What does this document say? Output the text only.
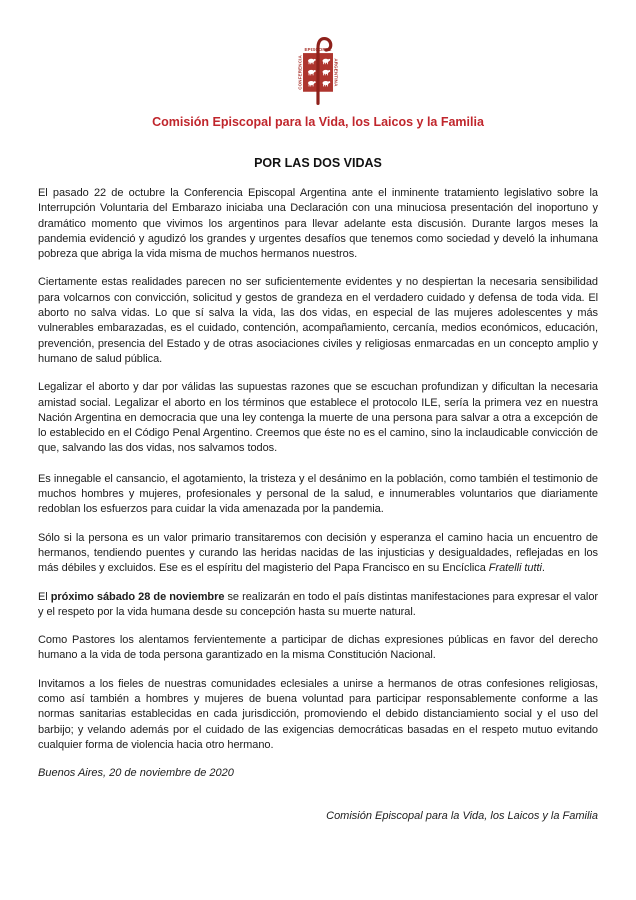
EPISCOPAL
CONFERENCIA	ARGENTINA
Comisión Episcopal para la Vida, los Laicos y la Familia
POR LAS DOS VIDAS

El pasado 22 de octubre la Conferencia Episcopal Argentina ante el inminente tratamiento legislativo sobre la Interrupción Voluntaria del Embarazo iniciaba una Declaración con una minuciosa presentación del inoportuno y dramático momento que vivimos los argentinos para llevar adelante esta discusión. Durante largos meses la pandemia evidenció y agudizó los grandes y urgentes desafíos que tenemos como sociedad y develó la inhumana pobreza que abriga la vida misma de muchos hermanos nuestros.

Ciertamente estas realidades parecen no ser suficientemente evidentes y no despiertan la necesaria sensibilidad para volcarnos con convicción, solicitud y gestos de grandeza en el verdadero cuidado y defensa de toda vida. El aborto no salva vidas. Lo que sí salva la vida, las dos vidas, en especial de las mujeres adolescentes y más vulnerables embarazadas, es el cuidado, contención, acompañamiento, cercanía, medios económicos, educación, prevención, presencia del Estado y de otras asociaciones civiles y religiosas enmarcadas en un concepto amplio y humano de salud pública.

Legalizar el aborto y dar por válidas las supuestas razones que se escuchan profundizan y dificultan la necesaria amistad social. Legalizar el aborto en los términos que establece el protocolo ILE, sería la primera vez en nuestra Nación Argentina en democracia que una ley contenga la muerte de una persona para salvar a otra a excepción de lo establecido en el Código Penal Argentino. Creemos que éste no es el camino, sino la inclaudicable convicción de que, salvando las dos vidas, nos salvamos todos.

Es innegable el cansancio, el agotamiento, la tristeza y el desánimo en la población, como también el testimonio de muchos hombres y mujeres, profesionales y personal de la salud, e innumerables voluntarios que diariamente redoblan los esfuerzos para cuidar la vida amenazada por la pandemia.

Sólo si la persona es un valor primario transitaremos con decisión y esperanza el camino hacia un encuentro de hermanos, tendiendo puentes y curando las heridas nacidas de las injusticias y desigualdades, reflejadas en los más débiles y excluidos. Ese es el espíritu del magisterio del Papa Francisco en su Encíclica Fratelli tutti.

El próximo sábado 28 de noviembre se realizarán en todo el país distintas manifestaciones para expresar el valor y el respeto por la vida humana desde su concepción hasta su muerte natural.

Como Pastores los alentamos fervientemente a participar de dichas expresiones públicas en favor del derecho humano a la vida de toda persona garantizado en la misma Constitución Nacional.

Invitamos a los fieles de nuestras comunidades eclesiales a unirse a hermanos de otras confesiones religiosas, como así también a hombres y mujeres de buena voluntad para participar responsablemente conforme a las normas sanitarias establecidas en cada jurisdicción, promoviendo el debido distanciamiento social y el uso del barbijo; y velando además por el cuidado de las exigencias democráticas basadas en el respeto mutuo evitando cualquier forma de violencia hacia otro hermano.

Buenos Aires, 20 de noviembre de 2020

Comisión Episcopal para la Vida, los Laicos y la Familia
